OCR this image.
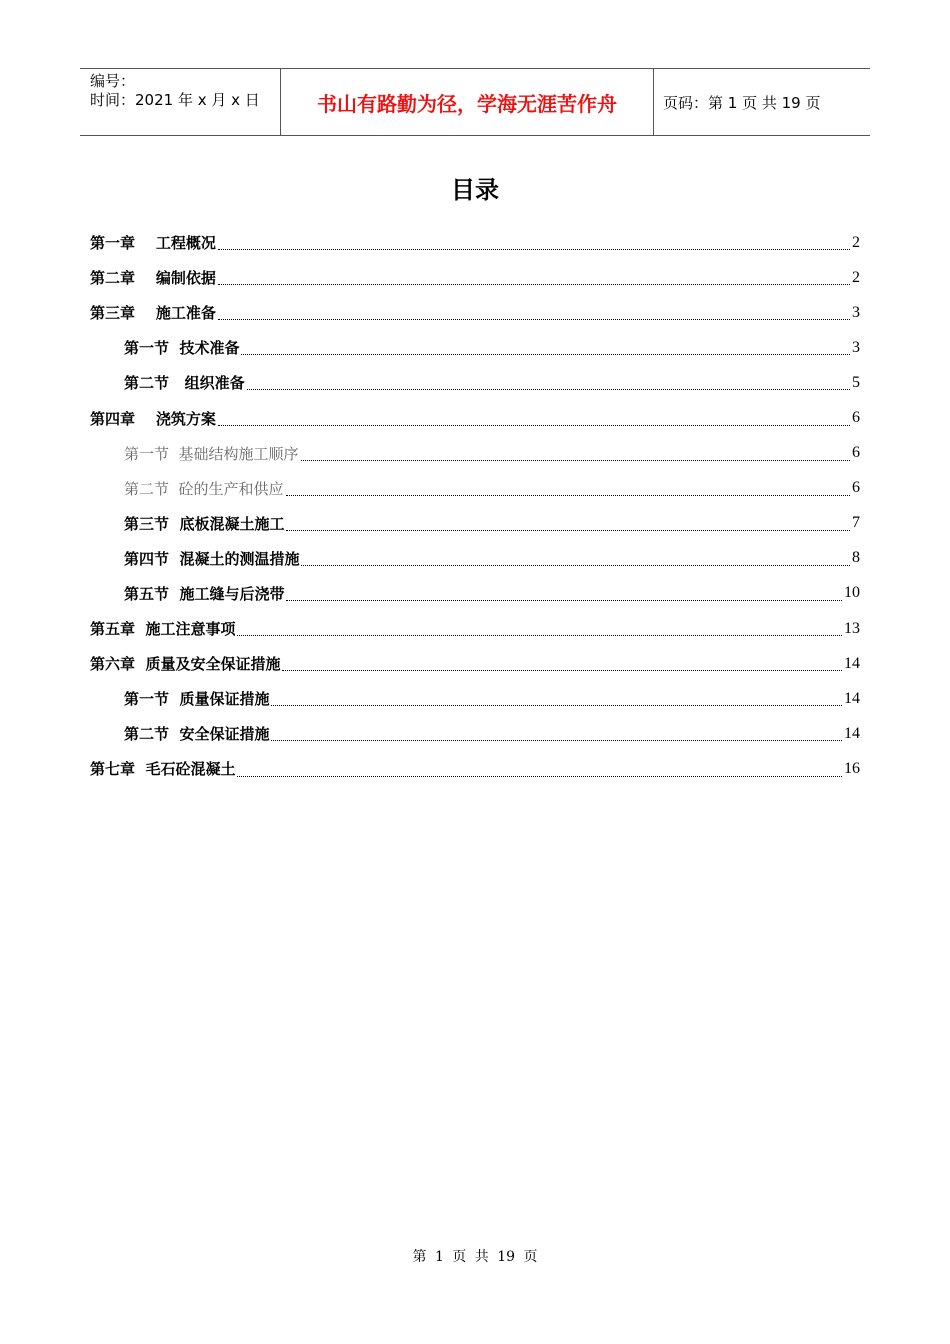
编号：
时间：2021 年 x 月 x 日	书山有路勤为径，学海无涯苦作舟	页码：第 1 页 共 19 页
目录
第一章    工程概况	2
第二章    编制依据	2
第三章    施工准备	3
第一节  技术准备	3
第二节   组织准备	5
第四章    浇筑方案	6
第一节  基础结构施工顺序	6
第二节  砼的生产和供应	6
第三节  底板混凝土施工	7
第四节  混凝土的测温措施	8
第五节  施工缝与后浇带	10
第五章  施工注意事项	13
第六章  质量及安全保证措施	14
第一节  质量保证措施	14
第二节  安全保证措施	14
第七章  毛石砼混凝土	16
第 1 页 共 19 页
